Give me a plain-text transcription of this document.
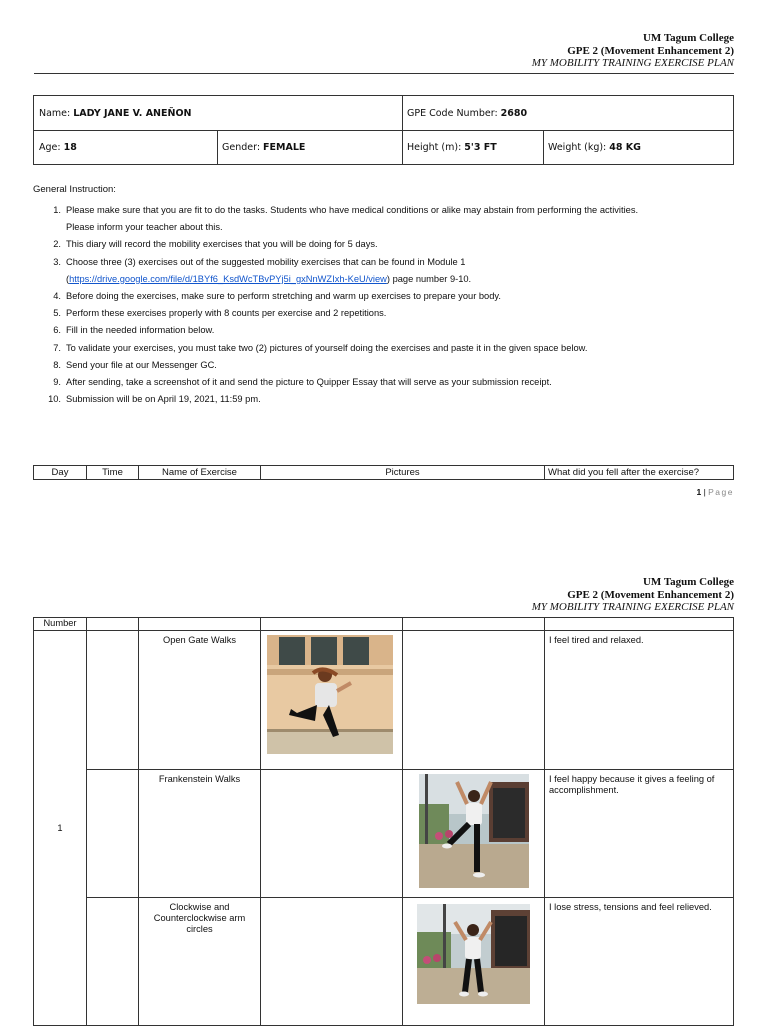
UM Tagum College
GPE 2 (Movement Enhancement 2)
MY MOBILITY TRAINING EXERCISE PLAN
Name: LADY JANE V. ANEÑON	GPE Code Number: 2680
Age: 18	Gender: FEMALE	Height (m): 5'3 FT	Weight (kg): 48 KG
General Instruction:
1. Please make sure that you are fit to do the tasks. Students who have medical conditions or alike may abstain from performing the activities.
Please inform your teacher about this.
2. This diary will record the mobility exercises that you will be doing for 5 days.
3. Choose three (3) exercises out of the suggested mobility exercises that can be found in Module 1
(https://drive.google.com/file/d/1BYf6_KsdWcTBvPYj5i_gxNnWZIxh-KeU/view) page number 9-10.
4. Before doing the exercises, make sure to perform stretching and warm up exercises to prepare your body.
5. Perform these exercises properly with 8 counts per exercise and 2 repetitions.
6. Fill in the needed information below.
7. To validate your exercises, you must take two (2) pictures of yourself doing the exercises and paste it in the given space below.
8. Send your file at our Messenger GC.
9. After sending, take a screenshot of it and send the picture to Quipper Essay that will serve as your submission receipt.
10. Submission will be on April 19, 2021, 11:59 pm.
Day	Time	Name of Exercise	Pictures	What did you fell after the exercise?
1 | Page
UM Tagum College
GPE 2 (Movement Enhancement 2)
MY MOBILITY TRAINING EXERCISE PLAN
Number					
1		Open Gate Walks			I feel tired and relaxed.
		Frankenstein Walks			I feel happy because it gives a feeling of accomplishment.
		Clockwise and Counterclockwise arm circles			I lose stress, tensions and feel relieved.
